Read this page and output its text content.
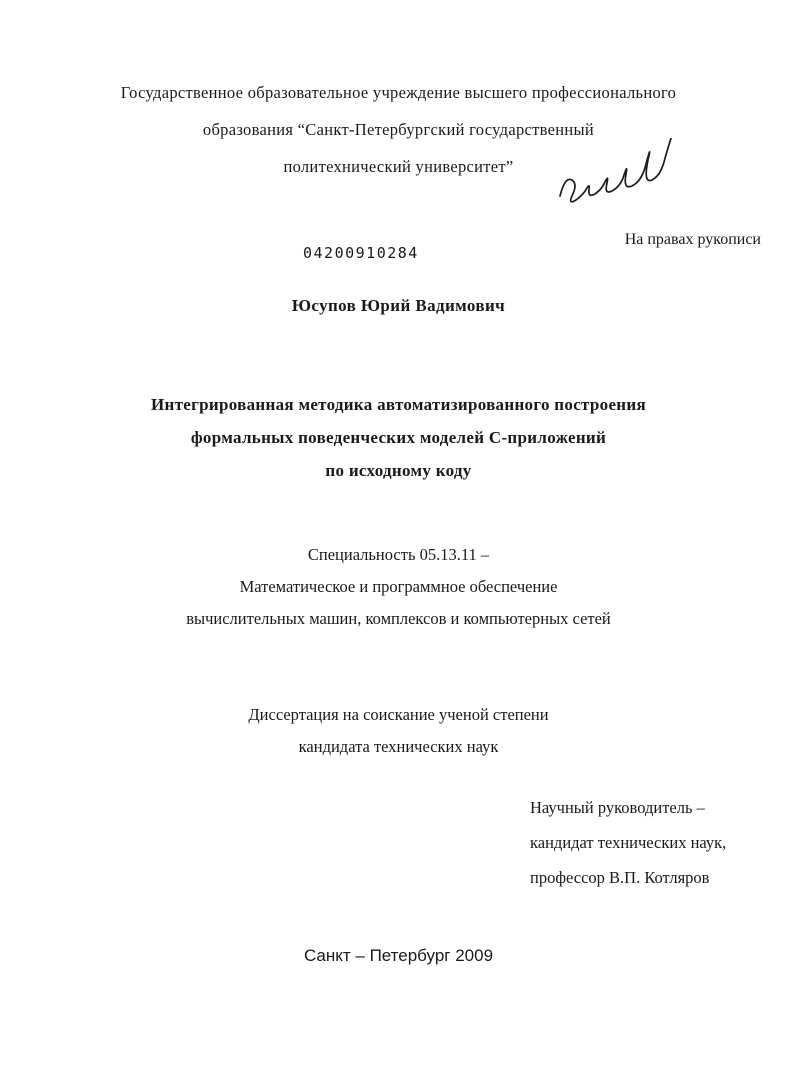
Государственное образовательное учреждение высшего профессионального
образования “Санкт-Петербургский государственный
политехнический университет”
На правах рукописи
04200910284
Юсупов Юрий Вадимович
Интегрированная методика автоматизированного построения
формальных поведенческих моделей С-приложений
по исходному коду
Специальность 05.13.11 –
Математическое и программное обеспечение
вычислительных машин, комплексов и компьютерных сетей
Диссертация на соискание ученой степени
кандидата технических наук
Научный руководитель –
кандидат технических наук,
профессор В.П. Котляров
Санкт – Петербург 2009
